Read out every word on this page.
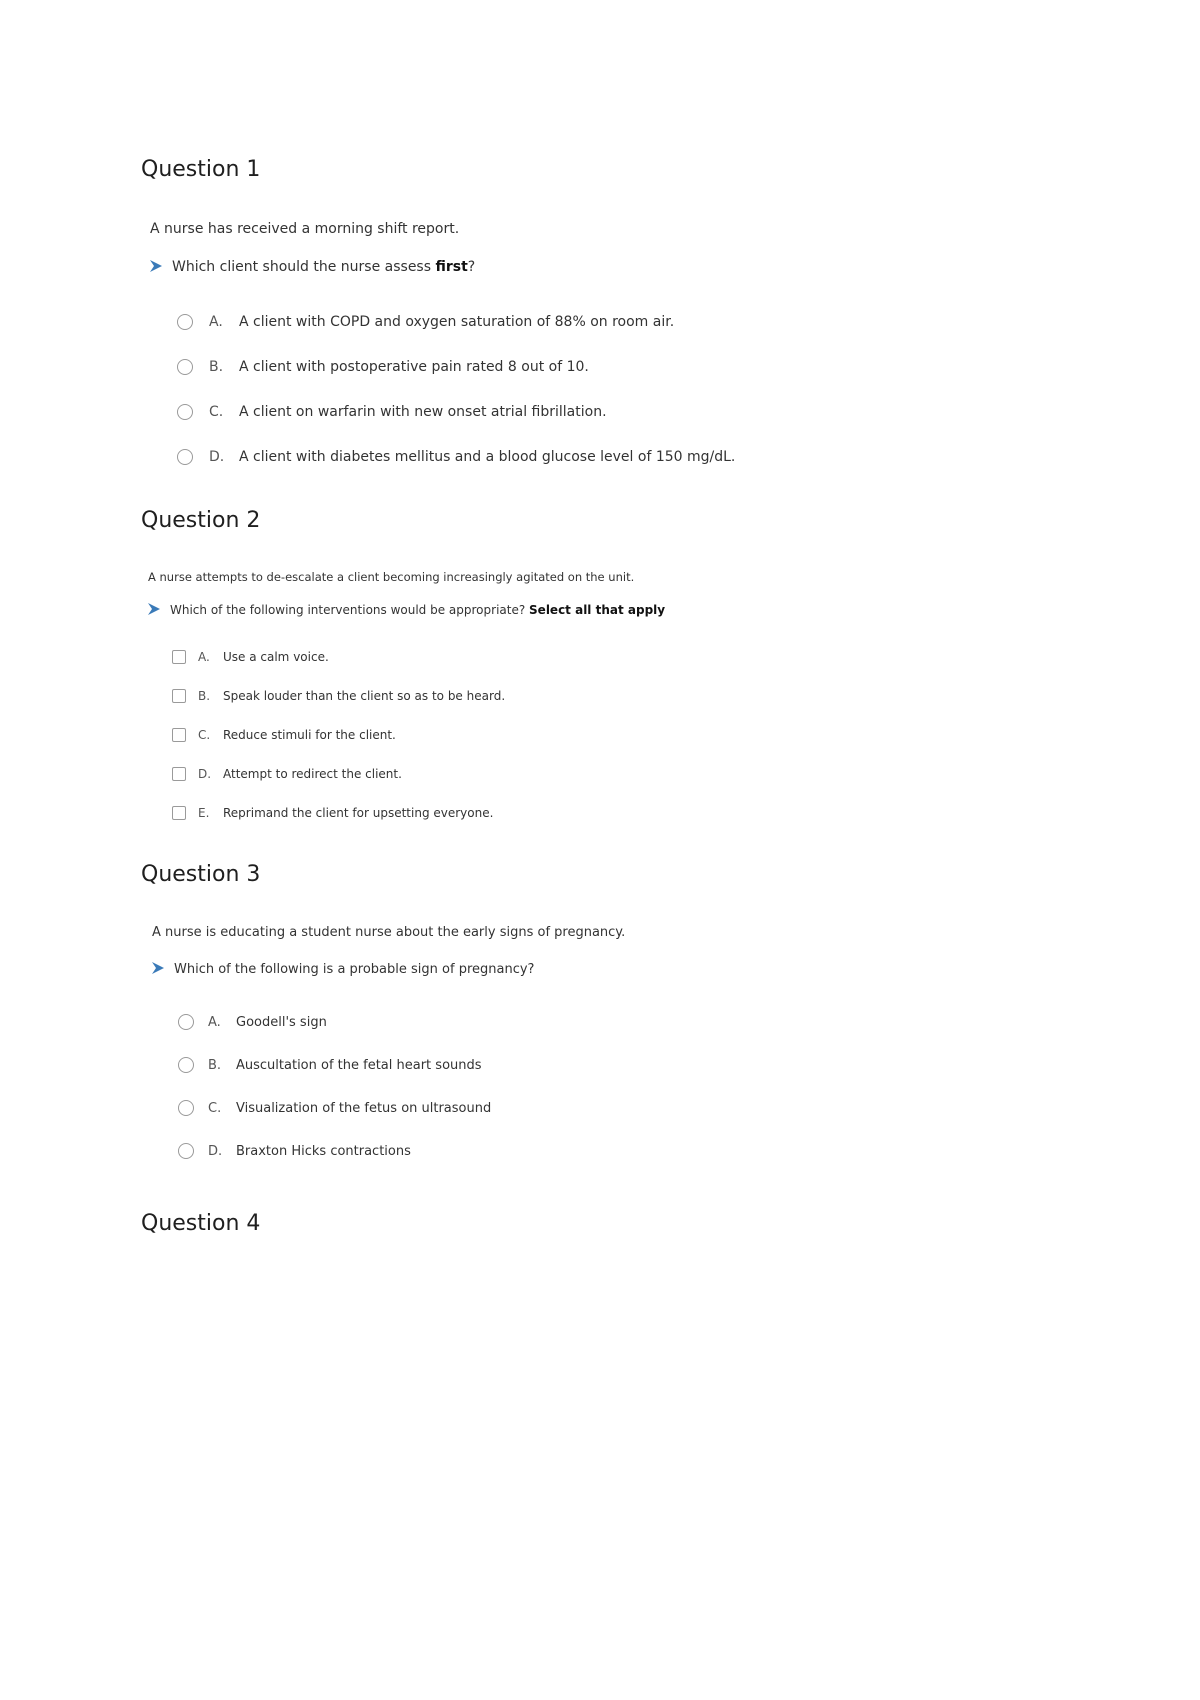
Question 1

A nurse has received a morning shift report.

Which client should the nurse assess first?

A.	A client with COPD and oxygen saturation of 88% on room air.
B.	A client with postoperative pain rated 8 out of 10.
C.	A client on warfarin with new onset atrial fibrillation.
D.	A client with diabetes mellitus and a blood glucose level of 150 mg/dL.
Question 2

A nurse attempts to de-escalate a client becoming increasingly agitated on the unit.

Which of the following interventions would be appropriate? Select all that apply

A.	Use a calm voice.
B.	Speak louder than the client so as to be heard.
C.	Reduce stimuli for the client.
D. Attempt to redirect the client.
E.	Reprimand the client for upsetting everyone.
Question 3

A nurse is educating a student nurse about the early signs of pregnancy.

Which of the following is a probable sign of pregnancy?

A.	Goodell's sign
B.	Auscultation of the fetal heart sounds
C.	Visualization of the fetus on ultrasound
D.	Braxton Hicks contractions
Question 4
